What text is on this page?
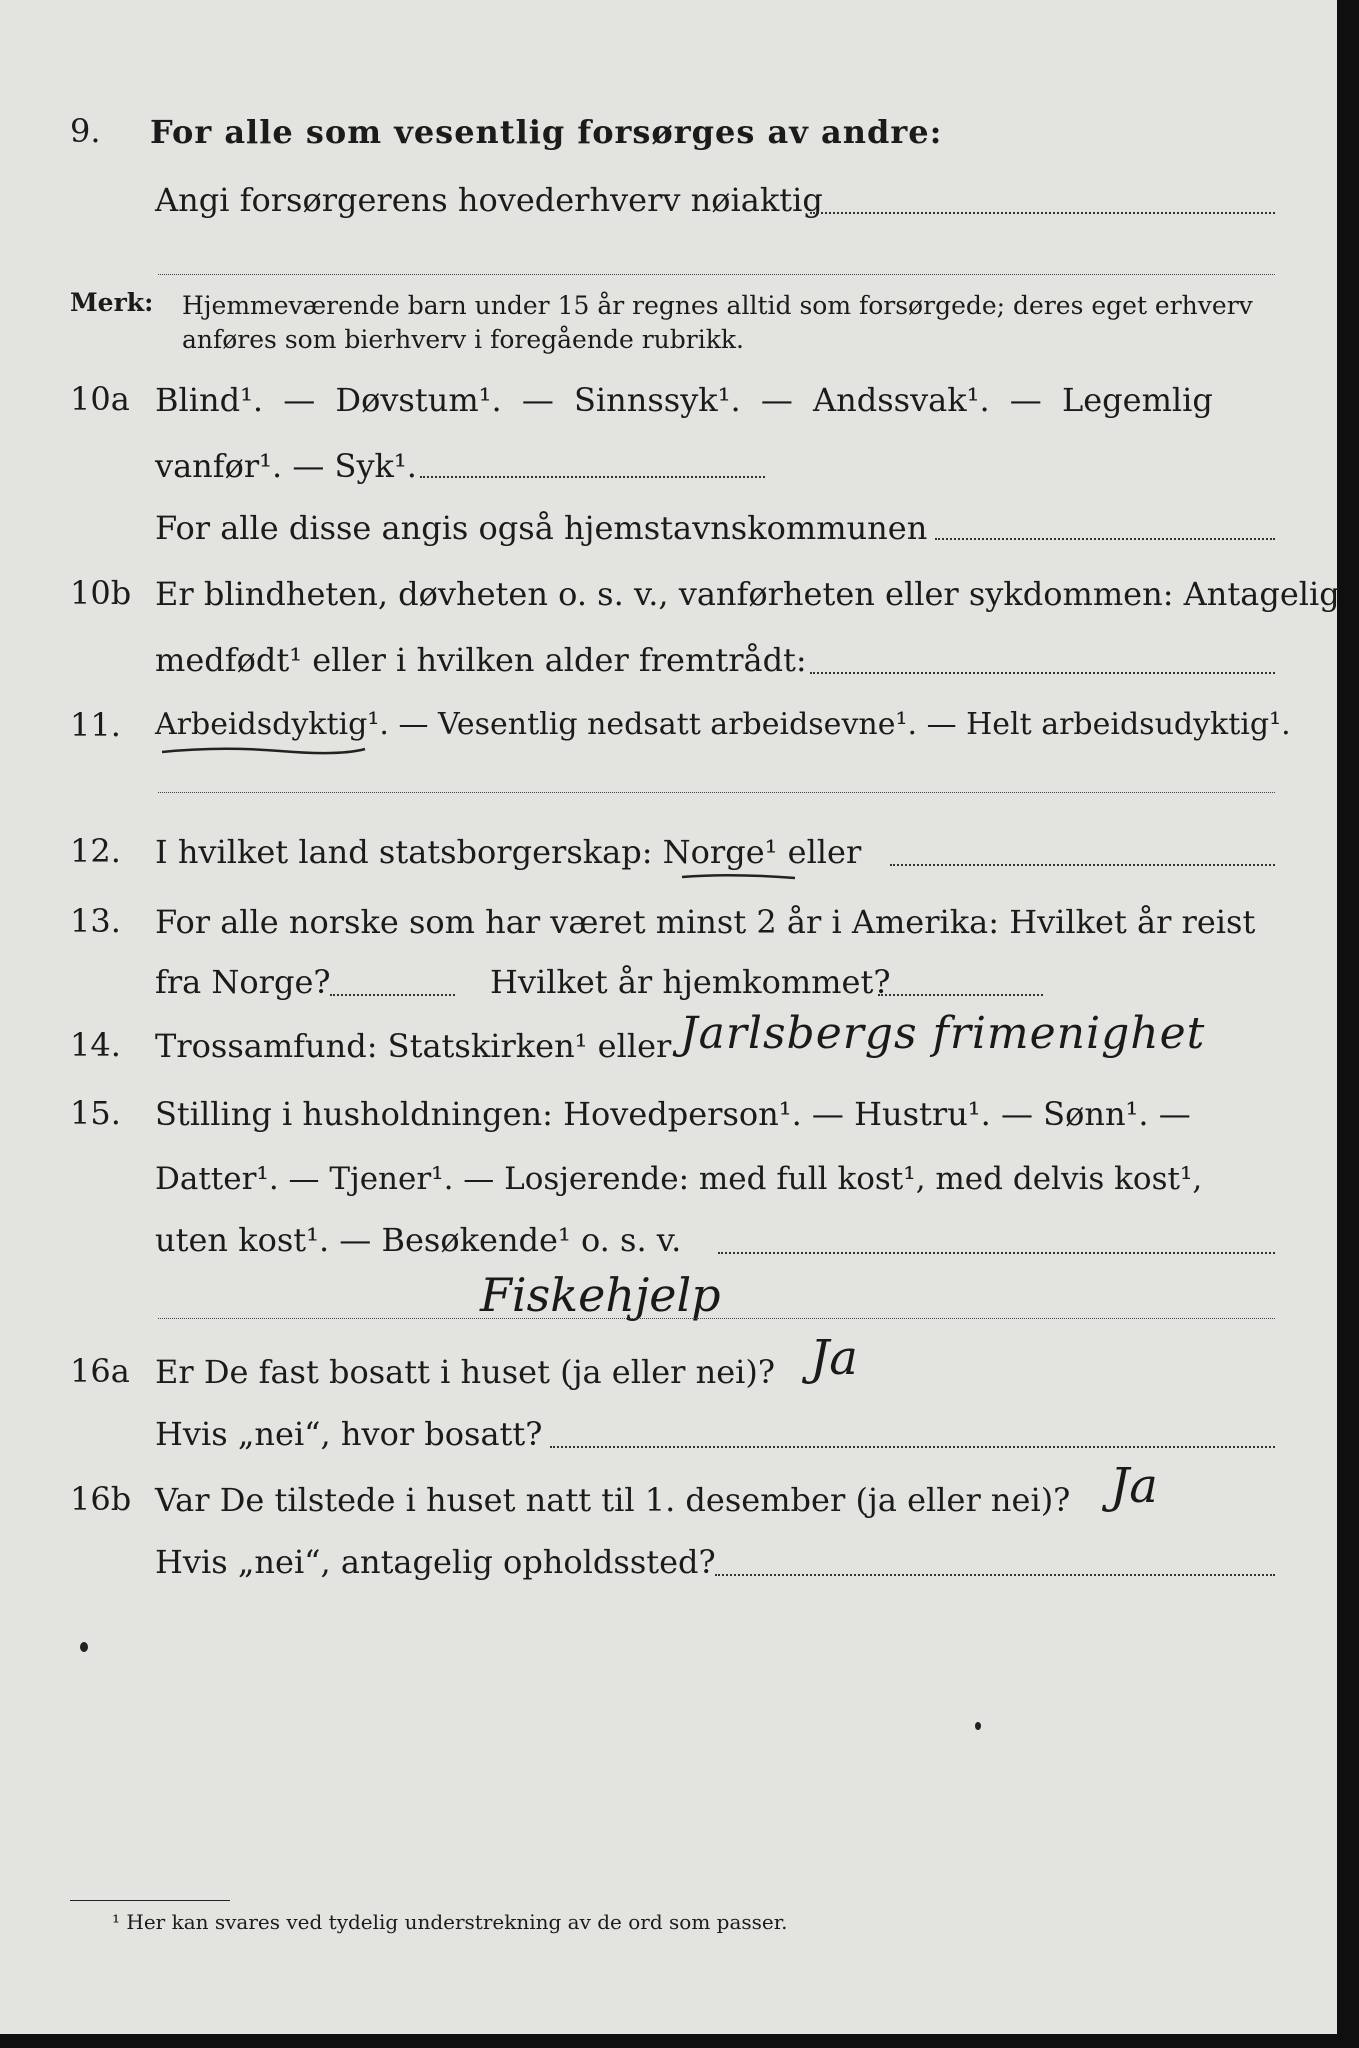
9. For alle som vesentlig forsørges av andre:
Angi forsørgerens hovederhverv nøiaktig
Merk: Hjemmeværende barn under 15 år regnes alltid som forsørgede; deres eget erhverv
anføres som bierhverv i foregående rubrikk.
10a Blind¹. — Døvstum¹. — Sinnssyk¹. — Andssvak¹. — Legemlig
vanfør¹. — Syk¹.
For alle disse angis også hjemstavnskommunen
10b Er blindheten, døvheten o. s. v., vanførheten eller sykdommen: Antagelig
medfødt¹ eller i hvilken alder fremtrådt:
11. Arbeidsdyktig¹. — Vesentlig nedsatt arbeidsevne¹. — Helt arbeidsudyktig¹.
12. I hvilket land statsborgerskap: Norge¹ eller
13. For alle norske som har været minst 2 år i Amerika: Hvilket år reist
fra Norge?	Hvilket år hjemkommet?
14. Trossamfund: Statskirken¹ eller Jarlsbergs frimenighet
15. Stilling i husholdningen: Hovedperson¹. — Hustru¹. — Sønn¹. —
Datter¹. — Tjener¹. — Losjerende: med full kost¹, med delvis kost¹,
uten kost¹. — Besøkende¹ o. s. v.
Fiskehjelp
16a Er De fast bosatt i huset (ja eller nei)? Ja
Hvis „nei“, hvor bosatt?
16b Var De tilstede i huset natt til 1. desember (ja eller nei)? Ja
Hvis „nei“, antagelig opholdssted?
¹ Her kan svares ved tydelig understrekning av de ord som passer.
